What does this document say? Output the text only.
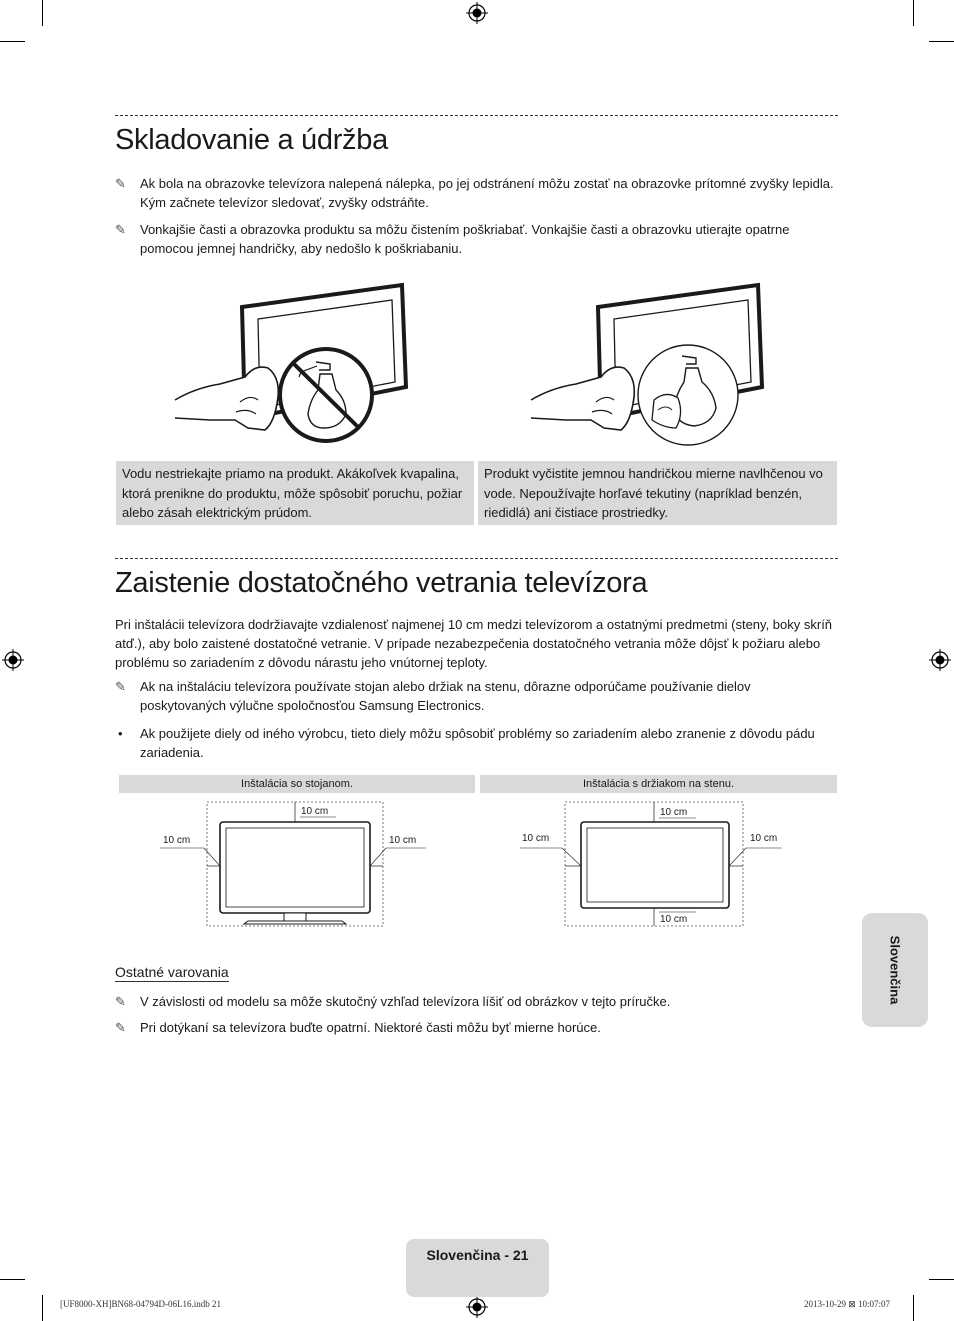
Skladovanie a údržba
✎ Ak bola na obrazovke televízora nalepená nálepka, po jej odstránení môžu zostať na obrazovke prítomné zvyšky lepidla. Kým začnete televízor sledovať, zvyšky odstráňte.
✎ Vonkajšie časti a obrazovka produktu sa môžu čistením poškriabať. Vonkajšie časti a obrazovku utierajte opatrne pomocou jemnej handričky, aby nedošlo k poškriabaniu.
Vodu nestriekajte priamo na produkt. Akákoľvek kvapalina, ktorá prenikne do produktu, môže spôsobiť poruchu, požiar alebo zásah elektrickým prúdom.
Produkt vyčistite jemnou handričkou mierne navlhčenou vo vode. Nepoužívajte horľavé tekutiny (napríklad benzén, riedidlá) ani čistiace prostriedky.
Zaistenie dostatočného vetrania televízora
Pri inštalácii televízora dodržiavajte vzdialenosť najmenej 10 cm medzi televízorom a ostatnými predmetmi (steny, boky skríň atď.), aby bolo zaistené dostatočné vetranie. V prípade nezabezpečenia dostatočného vetrania môže dôjsť k požiaru alebo problému so zariadením z dôvodu nárastu jeho vnútornej teploty.
✎ Ak na inštaláciu televízora používate stojan alebo držiak na stenu, dôrazne odporúčame používanie dielov poskytovaných výlučne spoločnosťou Samsung Electronics.
• Ak použijete diely od iného výrobcu, tieto diely môžu spôsobiť problémy so zariadením alebo zranenie z dôvodu pádu zariadenia.
Inštalácia so stojanom.	Inštalácia s držiakom na stenu.
10 cm
10 cm	10 cm
10 cm
10 cm
10 cm	10 cm
Ostatné varovania
✎ V závislosti od modelu sa môže skutočný vzhľad televízora líšiť od obrázkov v tejto príručke.
✎ Pri dotýkaní sa televízora buďte opatrní. Niektoré časti môžu byť mierne horúce.
Slovenčina
Slovenčina - 21
[UF8000-XH]BN68-04794D-06L16.indb 21	2013-10-29 ⊠ 10:07:07
